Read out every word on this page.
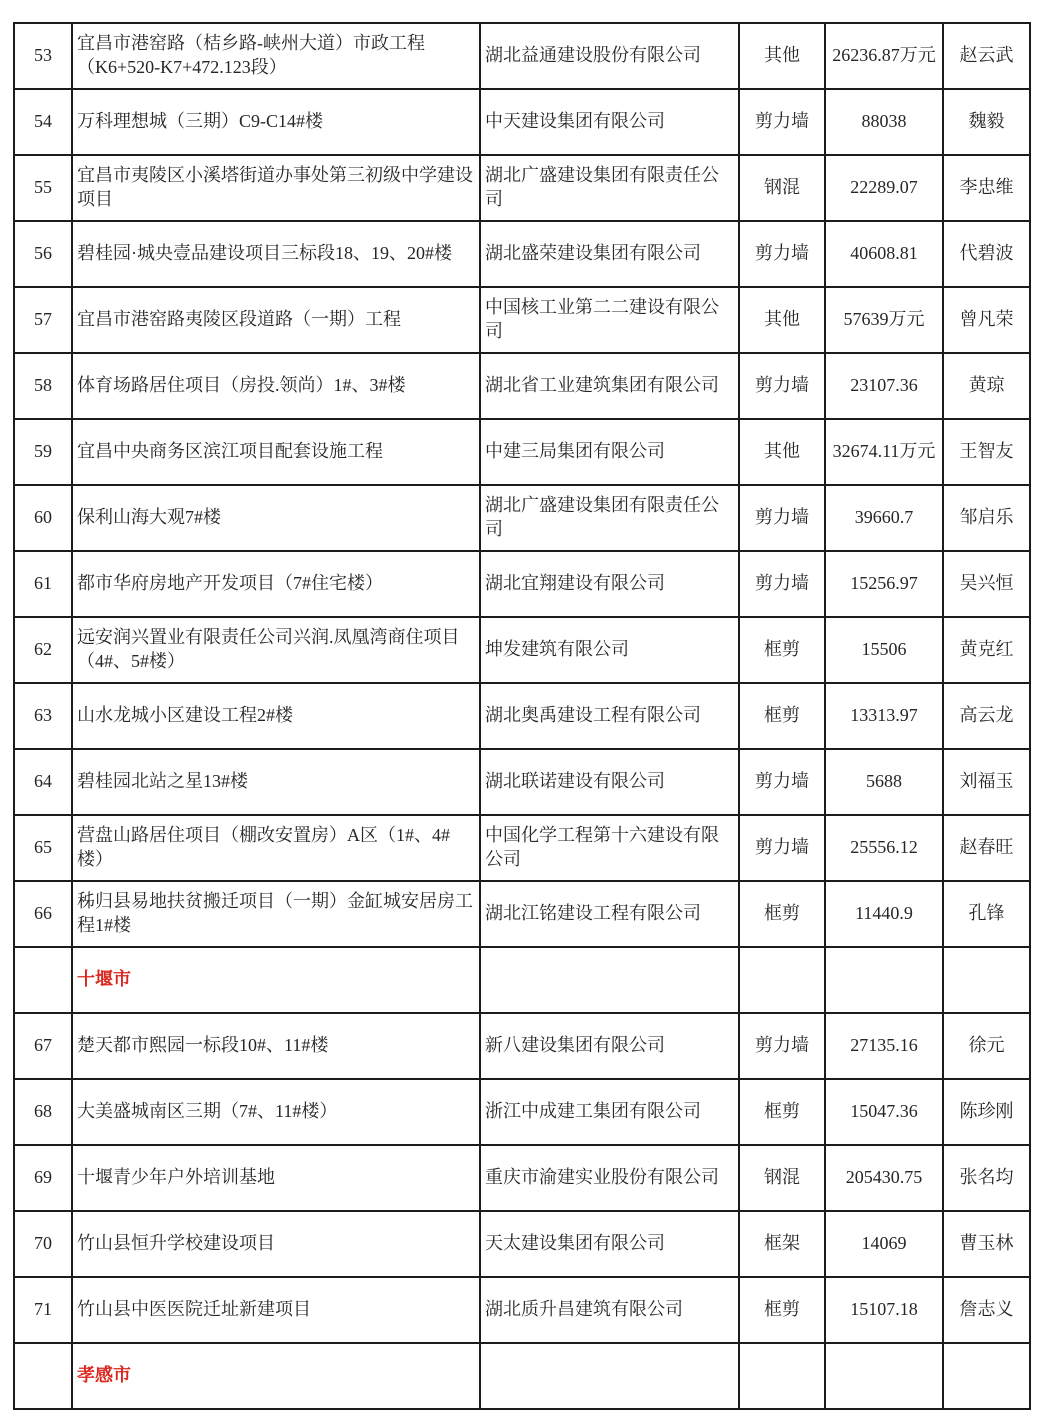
53	宜昌市港窑路（桔乡路-峡州大道）市政工程（K6+520-K7+472.123段）	湖北益通建设股份有限公司	其他	26236.87万元	赵云武
54	万科理想城（三期）C9-C14#楼	中天建设集团有限公司	剪力墙	88038	魏毅
55	宜昌市夷陵区小溪塔街道办事处第三初级中学建设项目	湖北广盛建设集团有限责任公司	钢混	22289.07	李忠维
56	碧桂园·城央壹品建设项目三标段18、19、20#楼	湖北盛荣建设集团有限公司	剪力墙	40608.81	代碧波
57	宜昌市港窑路夷陵区段道路（一期）工程	中国核工业第二二建设有限公司	其他	57639万元	曾凡荣
58	体育场路居住项目（房投.领尚）1#、3#楼	湖北省工业建筑集团有限公司	剪力墙	23107.36	黄琼
59	宜昌中央商务区滨江项目配套设施工程	中建三局集团有限公司	其他	32674.11万元	王智友
60	保利山海大观7#楼	湖北广盛建设集团有限责任公司	剪力墙	39660.7	邹启乐
61	都市华府房地产开发项目（7#住宅楼）	湖北宜翔建设有限公司	剪力墙	15256.97	吴兴恒
62	远安润兴置业有限责任公司兴润.凤凰湾商住项目（4#、5#楼）	坤发建筑有限公司	框剪	15506	黄克红
63	山水龙城小区建设工程2#楼	湖北奥禹建设工程有限公司	框剪	13313.97	高云龙
64	碧桂园北站之星13#楼	湖北联诺建设有限公司	剪力墙	5688	刘福玉
65	营盘山路居住项目（棚改安置房）A区（1#、4#楼）	中国化学工程第十六建设有限公司	剪力墙	25556.12	赵春旺
66	秭归县易地扶贫搬迁项目（一期）金缸城安居房工程1#楼	湖北江铭建设工程有限公司	框剪	11440.9	孔锋
	十堰市				
67	楚天都市熙园一标段10#、11#楼	新八建设集团有限公司	剪力墙	27135.16	徐元
68	大美盛城南区三期（7#、11#楼）	浙江中成建工集团有限公司	框剪	15047.36	陈珍刚
69	十堰青少年户外培训基地	重庆市渝建实业股份有限公司	钢混	205430.75	张名均
70	竹山县恒升学校建设项目	天太建设集团有限公司	框架	14069	曹玉林
71	竹山县中医医院迁址新建项目	湖北质升昌建筑有限公司	框剪	15107.18	詹志义
	孝感市				
